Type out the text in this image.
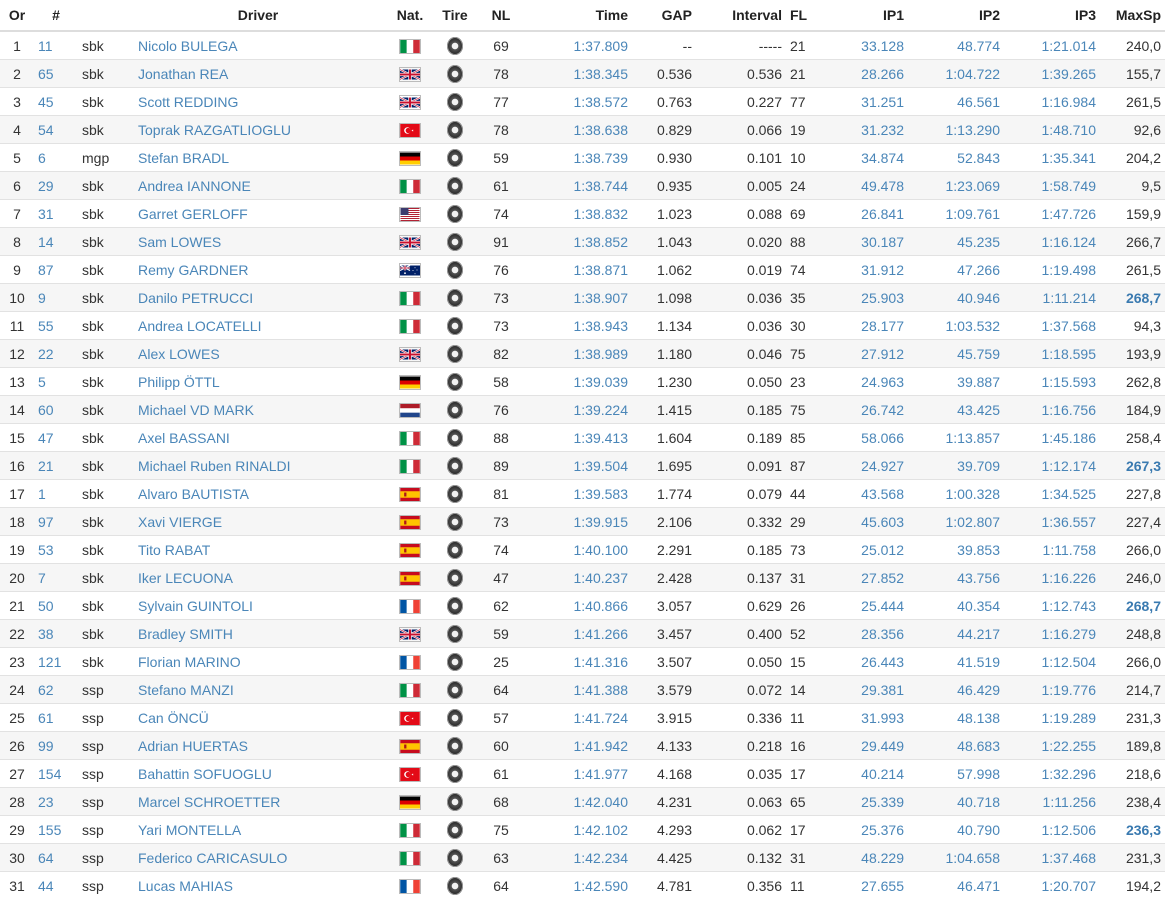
Or	#		Driver	Nat.	Tire	NL	Time	GAP	Interval	FL	IP1	IP2	IP3	MaxSp
1	11	sbk	Nicolo BULEGA			69	1:37.809	--	-----	21	33.128	48.774	1:21.014	240,0
2	65	sbk	Jonathan REA			78	1:38.345	0.536	0.536	21	28.266	1:04.722	1:39.265	155,7
3	45	sbk	Scott REDDING			77	1:38.572	0.763	0.227	77	31.251	46.561	1:16.984	261,5
4	54	sbk	Toprak RAZGATLIOGLU			78	1:38.638	0.829	0.066	19	31.232	1:13.290	1:48.710	92,6
5	6	mgp	Stefan BRADL			59	1:38.739	0.930	0.101	10	34.874	52.843	1:35.341	204,2
6	29	sbk	Andrea IANNONE			61	1:38.744	0.935	0.005	24	49.478	1:23.069	1:58.749	9,5
7	31	sbk	Garret GERLOFF			74	1:38.832	1.023	0.088	69	26.841	1:09.761	1:47.726	159,9
8	14	sbk	Sam LOWES			91	1:38.852	1.043	0.020	88	30.187	45.235	1:16.124	266,7
9	87	sbk	Remy GARDNER			76	1:38.871	1.062	0.019	74	31.912	47.266	1:19.498	261,5
10	9	sbk	Danilo PETRUCCI			73	1:38.907	1.098	0.036	35	25.903	40.946	1:11.214	268,7
11	55	sbk	Andrea LOCATELLI			73	1:38.943	1.134	0.036	30	28.177	1:03.532	1:37.568	94,3
12	22	sbk	Alex LOWES			82	1:38.989	1.180	0.046	75	27.912	45.759	1:18.595	193,9
13	5	sbk	Philipp ÖTTL			58	1:39.039	1.230	0.050	23	24.963	39.887	1:15.593	262,8
14	60	sbk	Michael VD MARK			76	1:39.224	1.415	0.185	75	26.742	43.425	1:16.756	184,9
15	47	sbk	Axel BASSANI			88	1:39.413	1.604	0.189	85	58.066	1:13.857	1:45.186	258,4
16	21	sbk	Michael Ruben RINALDI			89	1:39.504	1.695	0.091	87	24.927	39.709	1:12.174	267,3
17	1	sbk	Alvaro BAUTISTA			81	1:39.583	1.774	0.079	44	43.568	1:00.328	1:34.525	227,8
18	97	sbk	Xavi VIERGE			73	1:39.915	2.106	0.332	29	45.603	1:02.807	1:36.557	227,4
19	53	sbk	Tito RABAT			74	1:40.100	2.291	0.185	73	25.012	39.853	1:11.758	266,0
20	7	sbk	Iker LECUONA			47	1:40.237	2.428	0.137	31	27.852	43.756	1:16.226	246,0
21	50	sbk	Sylvain GUINTOLI			62	1:40.866	3.057	0.629	26	25.444	40.354	1:12.743	268,7
22	38	sbk	Bradley SMITH			59	1:41.266	3.457	0.400	52	28.356	44.217	1:16.279	248,8
23	121	sbk	Florian MARINO			25	1:41.316	3.507	0.050	15	26.443	41.519	1:12.504	266,0
24	62	ssp	Stefano MANZI			64	1:41.388	3.579	0.072	14	29.381	46.429	1:19.776	214,7
25	61	ssp	Can ÖNCÜ			57	1:41.724	3.915	0.336	11	31.993	48.138	1:19.289	231,3
26	99	ssp	Adrian HUERTAS			60	1:41.942	4.133	0.218	16	29.449	48.683	1:22.255	189,8
27	154	ssp	Bahattin SOFUOGLU			61	1:41.977	4.168	0.035	17	40.214	57.998	1:32.296	218,6
28	23	ssp	Marcel SCHROETTER			68	1:42.040	4.231	0.063	65	25.339	40.718	1:11.256	238,4
29	155	ssp	Yari MONTELLA			75	1:42.102	4.293	0.062	17	25.376	40.790	1:12.506	236,3
30	64	ssp	Federico CARICASULO			63	1:42.234	4.425	0.132	31	48.229	1:04.658	1:37.468	231,3
31	44	ssp	Lucas MAHIAS			64	1:42.590	4.781	0.356	11	27.655	46.471	1:20.707	194,2
